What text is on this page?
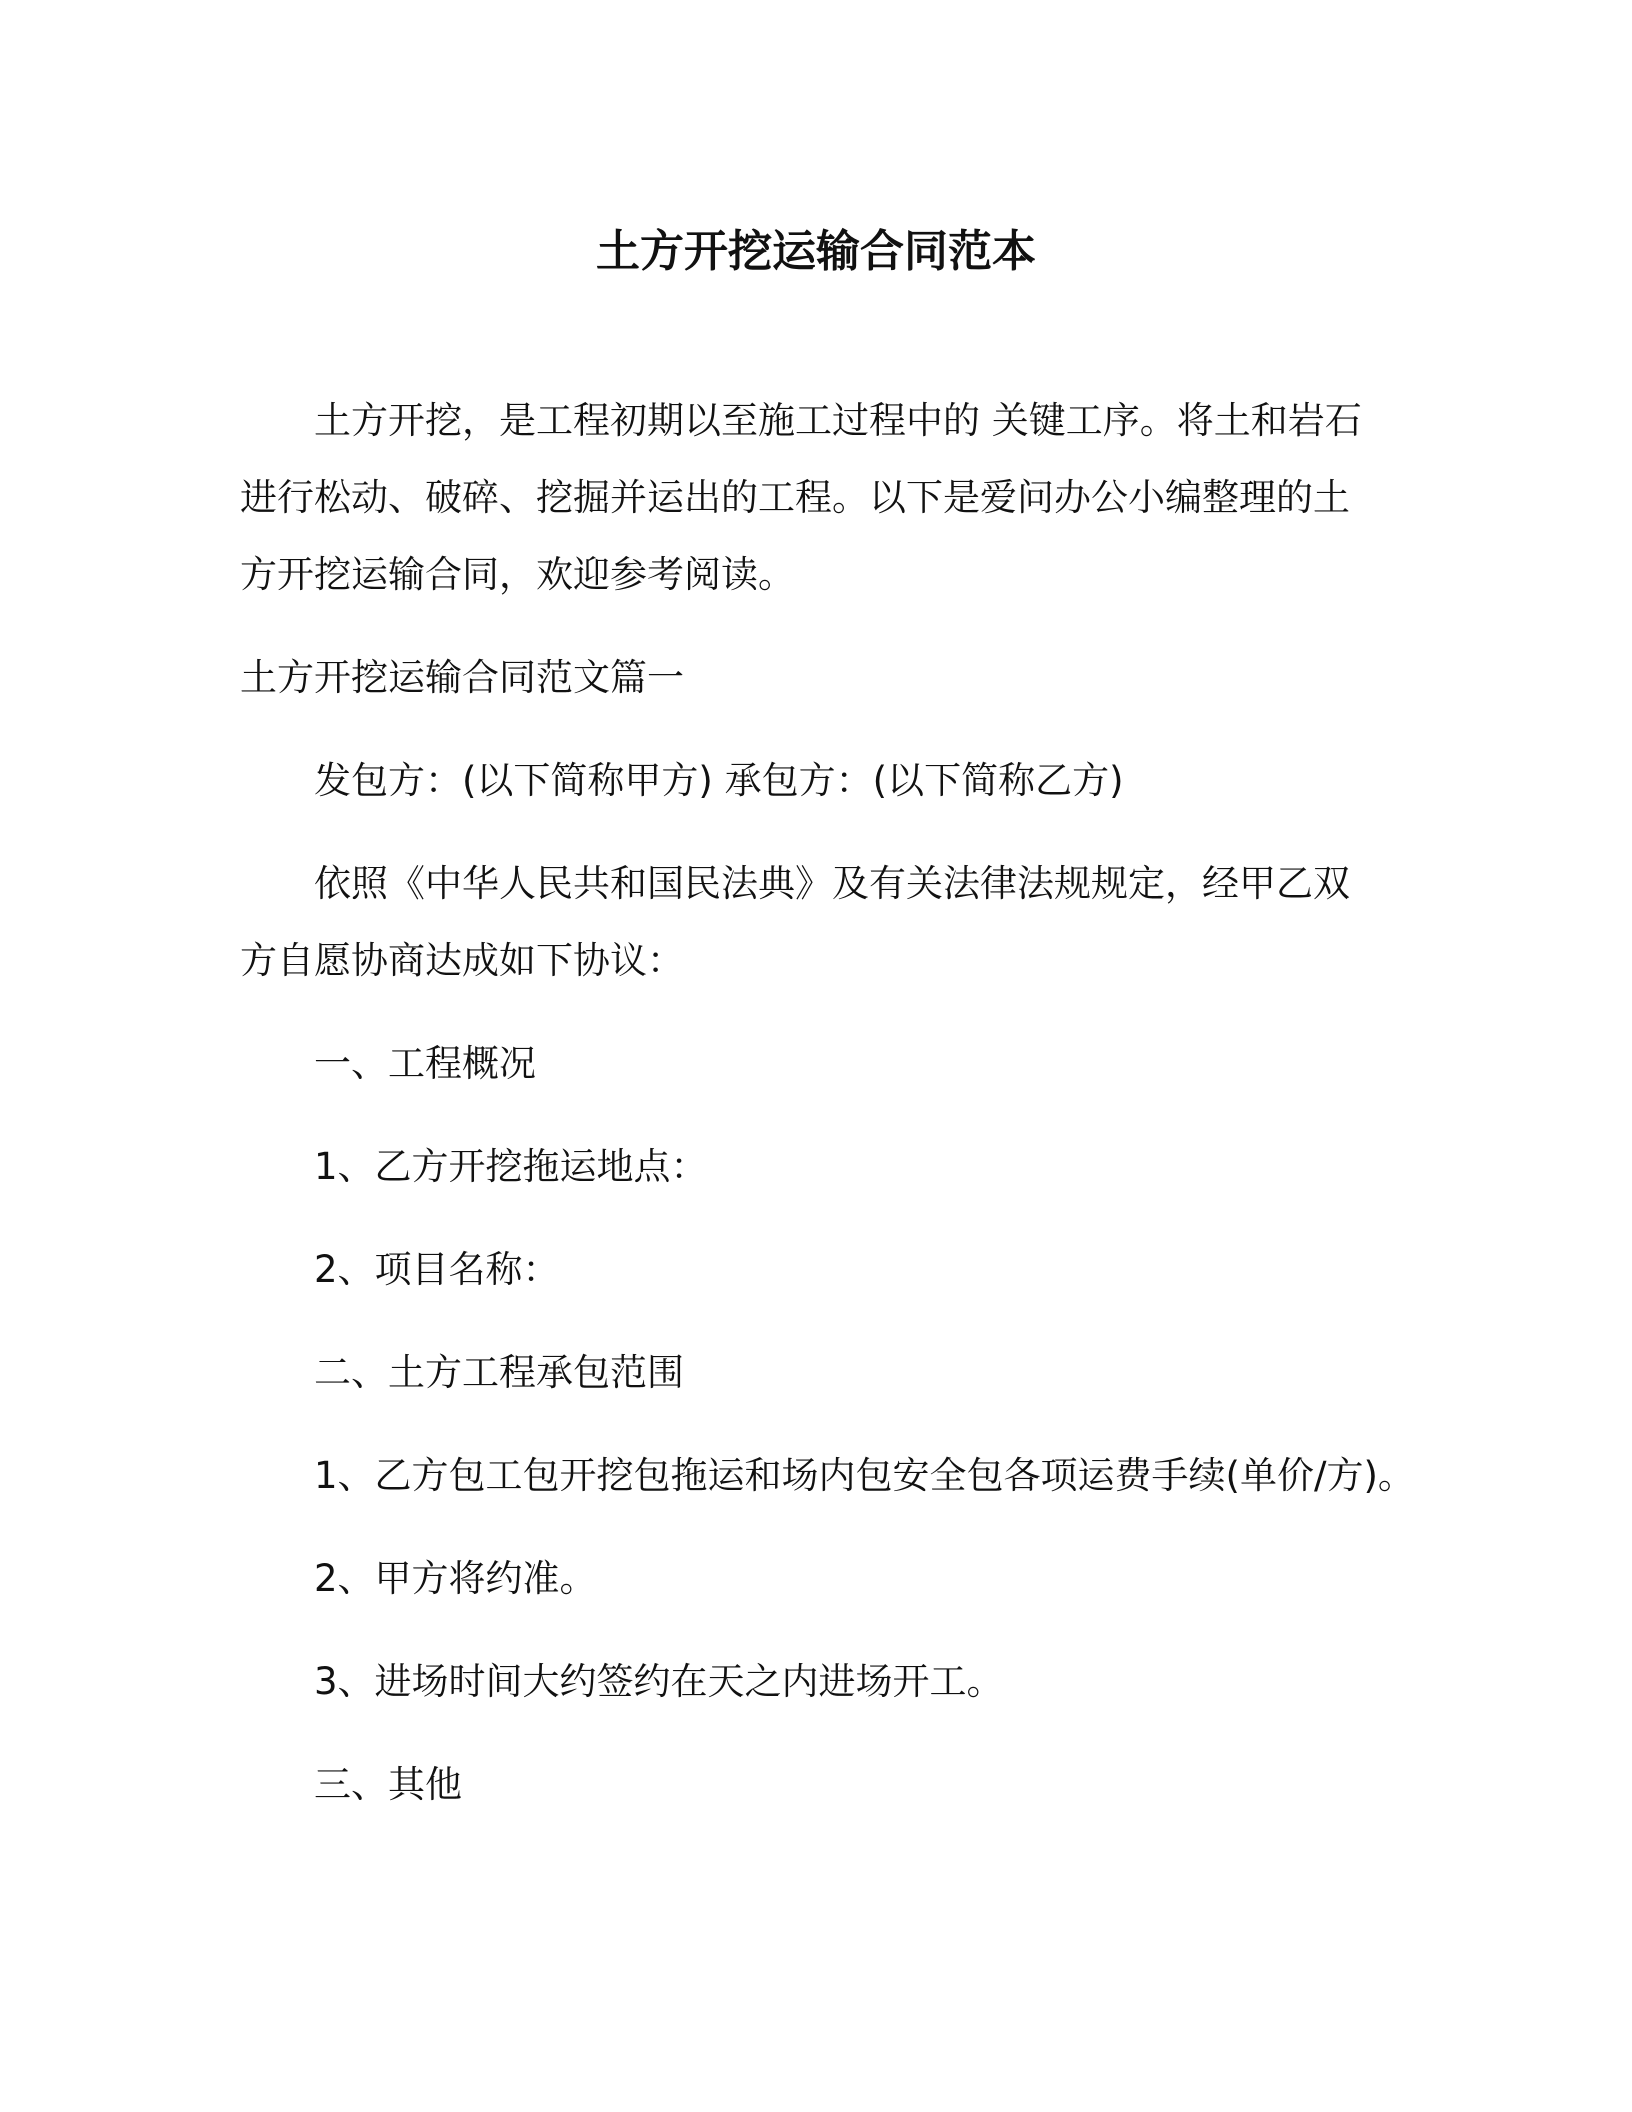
土方开挖运输合同范本
土方开挖，是工程初期以至施工过程中的 关键工序。将土和岩石
进行松动、破碎、挖掘并运出的工程。以下是爱问办公小编整理的土
方开挖运输合同，欢迎参考阅读。
土方开挖运输合同范文篇一
发包方：(以下简称甲方) 承包方：(以下简称乙方)
依照《中华人民共和国民法典》及有关法律法规规定，经甲乙双
方自愿协商达成如下协议：
一、工程概况
1、乙方开挖拖运地点：
2、项目名称：
二、土方工程承包范围
1、乙方包工包开挖包拖运和场内包安全包各项运费手续(单价/方)。
2、甲方将约准。
3、进场时间大约签约在天之内进场开工。
三、其他
